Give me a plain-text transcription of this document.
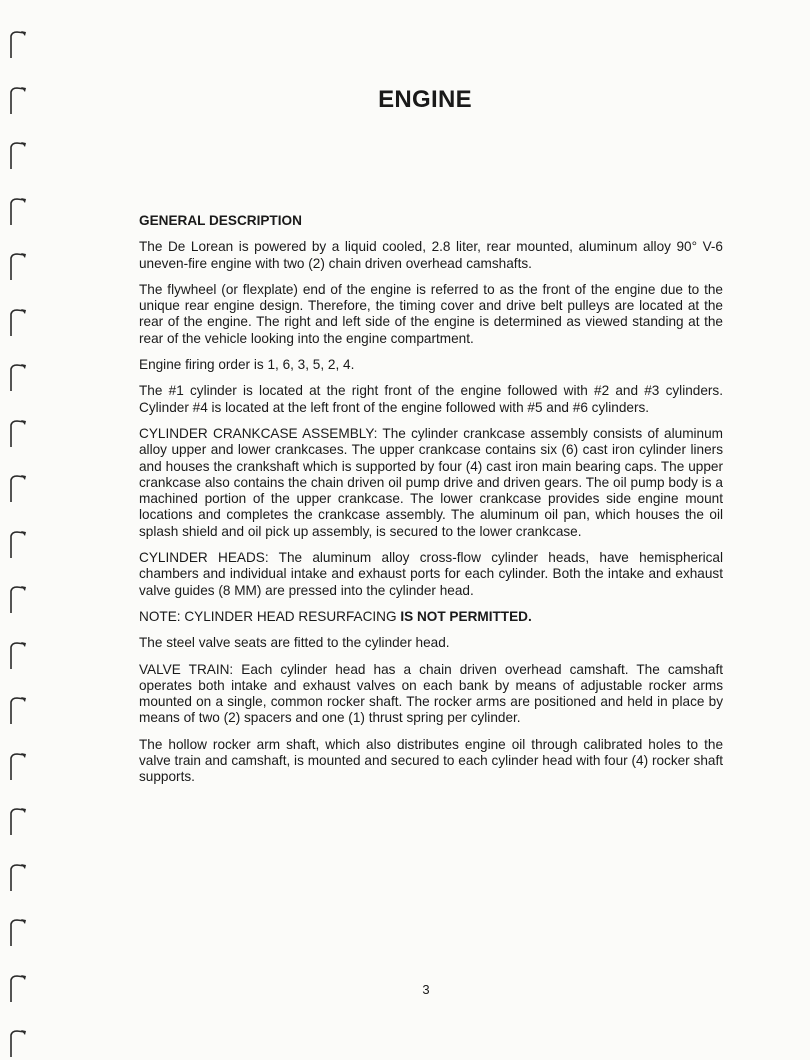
ENGINE
GENERAL DESCRIPTION

The De Lorean is powered by a liquid cooled, 2.8 liter, rear mounted, aluminum alloy 90° V-6 uneven-fire engine with two (2) chain driven overhead camshafts.

The flywheel (or flexplate) end of the engine is referred to as the front of the engine due to the unique rear engine design. Therefore, the timing cover and drive belt pulleys are located at the rear of the engine. The right and left side of the engine is determined as viewed standing at the rear of the vehicle looking into the engine compartment.

Engine firing order is 1, 6, 3, 5, 2, 4.

The #1 cylinder is located at the right front of the engine followed with #2 and #3 cylinders. Cylinder #4 is located at the left front of the engine followed with #5 and #6 cylinders.

CYLINDER CRANKCASE ASSEMBLY: The cylinder crankcase assembly consists of aluminum alloy upper and lower crankcases. The upper crankcase contains six (6) cast iron cylinder liners and houses the crankshaft which is supported by four (4) cast iron main bearing caps. The upper crankcase also contains the chain driven oil pump drive and driven gears. The oil pump body is a machined portion of the upper crankcase. The lower crankcase provides side engine mount locations and completes the crankcase assembly. The aluminum oil pan, which houses the oil splash shield and oil pick up assembly, is secured to the lower crankcase.

CYLINDER HEADS: The aluminum alloy cross-flow cylinder heads, have hemispherical chambers and individual intake and exhaust ports for each cylinder. Both the intake and exhaust valve guides (8 MM) are pressed into the cylinder head.

NOTE: CYLINDER HEAD RESURFACING IS NOT PERMITTED.

The steel valve seats are fitted to the cylinder head.

VALVE TRAIN: Each cylinder head has a chain driven overhead camshaft. The camshaft operates both intake and exhaust valves on each bank by means of adjustable rocker arms mounted on a single, common rocker shaft. The rocker arms are positioned and held in place by means of two (2) spacers and one (1) thrust spring per cylinder.

The hollow rocker arm shaft, which also distributes engine oil through calibrated holes to the valve train and camshaft, is mounted and secured to each cylinder head with four (4) rocker shaft supports.

3
